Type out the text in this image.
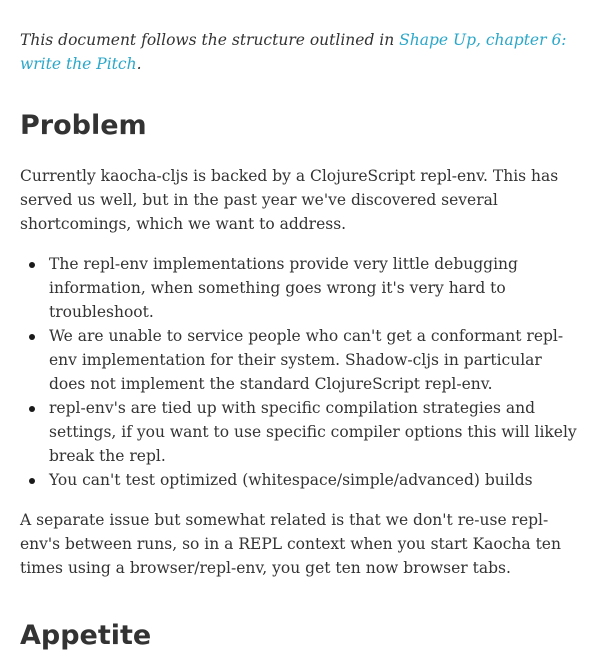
This document follows the structure outlined in Shape Up, chapter 6: write the Pitch.

Problem

Currently kaocha-cljs is backed by a ClojureScript repl-env. This has served us well, but in the past year we've discovered several shortcomings, which we want to address.

The repl-env implementations provide very little debugging information, when something goes wrong it's very hard to troubleshoot.
We are unable to service people who can't get a conformant repl-env implementation for their system. Shadow-cljs in particular does not implement the standard ClojureScript repl-env.
repl-env's are tied up with specific compilation strategies and settings, if you want to use specific compiler options this will likely break the repl.
You can't test optimized (whitespace/simple/advanced) builds

A separate issue but somewhat related is that we don't re-use repl-env's between runs, so in a REPL context when you start Kaocha ten times using a browser/repl-env, you get ten now browser tabs.

Appetite
